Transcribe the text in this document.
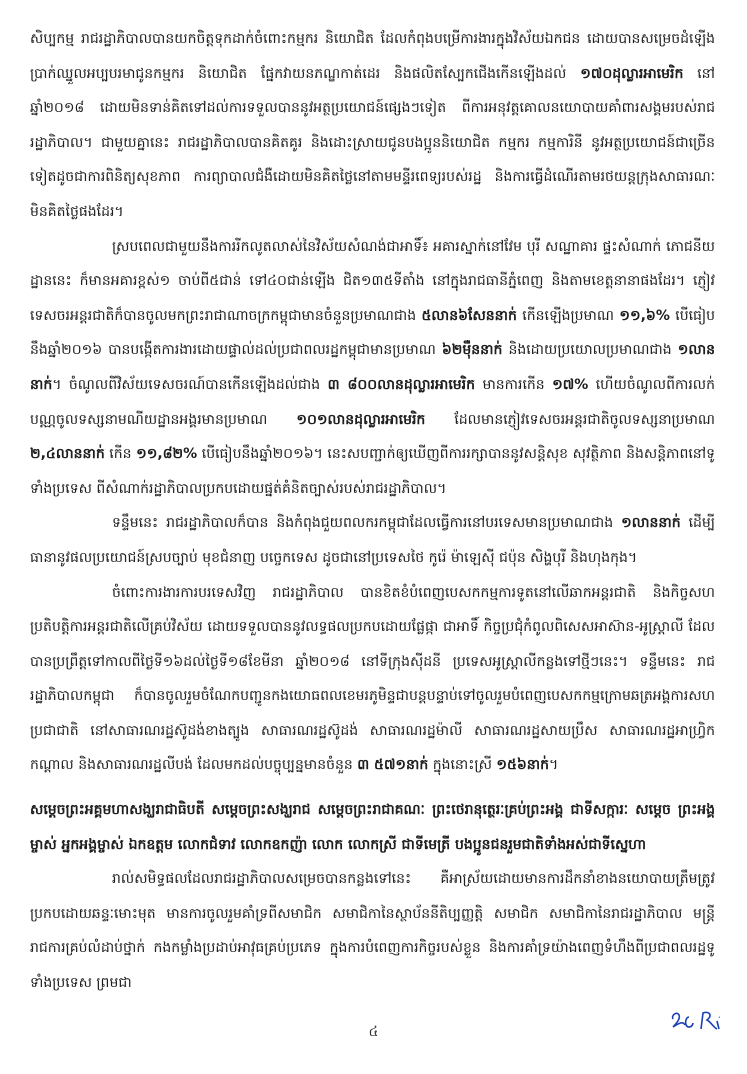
សិប្បកម្ម រាជរដ្ឋាភិបាលបានយកចិត្តទុកដាក់ចំពោះកម្មករ និយោជិត ដែលកំពុងបម្រើការងារក្នុងវិស័យឯកជន ដោយបានសម្រេចដំឡើងប្រាក់ឈ្នួលអប្បបរមាជូនកម្មករ និយោជិត ផ្នែកវាយនភណ្ឌកាត់ដេរ និងផលិតស្បែកជើងកើនឡើងដល់ ១៧០ដុល្លារអាមេរិក នៅឆ្នាំ២០១៨ ដោយមិនទាន់គិតទៅដល់ការទទួលបាននូវអត្ថប្រយោជន៍ផ្សេងៗទៀត ពីការអនុវត្តគោលនយោបាយគាំពារសង្គមរបស់រាជរដ្ឋាភិបាល។ ជាមួយគ្នានេះ រាជរដ្ឋាភិបាលបានគិតគូរ និងដោះស្រាយជូនបងប្អូននិយោជិត កម្មករ កម្មការិនី នូវអត្ថប្រយោជន៍ជាច្រើនទៀតដូចជាការពិនិត្យសុខភាព ការព្យាបាលជំងឺដោយមិនគិតថ្លៃនៅតាមមន្ទីរពេទ្យរបស់រដ្ឋ និងការធ្វើដំណើរតាមរថយន្តក្រុងសាធារណៈមិនគិតថ្លៃផងដែរ។

ស្របពេលជាមួយនឹងការរីកលូតលាស់នៃវិស័យសំណង់ជាអាទិ៍៖ អគារស្នាក់នៅវែម បុរី សណ្ឋាគារ ផ្ទះសំណាក់ ភោជនីយដ្ឋាននេះ ក៏មានអគារខ្ពស់១ ចាប់ពី៥ជាន់ ទៅ៤០ជាន់ឡើង ជិត១៣៥ទីតាំង នៅក្នុងរាជធានីភ្នំពេញ និងតាមខេត្តនានាផងដែរ។ ភ្ញៀវទេសចរអន្តរជាតិក៏បានចូលមកព្រះរាជាណាចក្រកម្ពុជាមានចំនួនប្រមាណជាង ៥លាន៦សែននាក់ កើនឡើងប្រមាណ ១១,៦% បើធៀបនឹងឆ្នាំ២០១៦ បានបង្កើតការងារដោយផ្ទាល់ដល់ប្រជាពលរដ្ឋកម្ពុជាមានប្រមាណ ៦២ម៉ឺននាក់ និងដោយប្រយោលប្រមាណជាង ១លាននាក់។ ចំណូលពីវិស័យទេសចរណ៍បានកើនឡើងដល់ជាង ៣ ៨០០លានដុល្លារអាមេរិក មានការកើន ១៧% ហើយចំណូលពីការលក់បណ្ណចូលទស្សនាមណីយដ្ឋានអង្គរមានប្រមាណ ១០១លានដុល្លារអាមេរិក ដែលមានភ្ញៀវទេសចរអន្តរជាតិចូលទស្សនាប្រមាណ ២,៤លាននាក់ កើន ១១,៨២% បើធៀបនឹងឆ្នាំ២០១៦។ នេះសបញ្ជាក់ឲ្យឃើញពីការរក្សាបាននូវសន្តិសុខ សុវត្ថិភាព និងសន្តិភាពនៅទូទាំងប្រទេស ពីសំណាក់រដ្ឋាភិបាលប្រកបដោយផ្នត់គំនិតច្បាស់របស់រាជរដ្ឋាភិបាល។

ទន្ទឹមនេះ រាជរដ្ឋាភិបាលក៏បាន និងកំពុងជួយពលករកម្ពុជាដែលធ្វើការនៅបរទេសមានប្រមាណជាង ១លាននាក់ ដើម្បីធានានូវផលប្រយោជន៍ស្របច្បាប់ មុខជំនាញ បច្ចេកទេស ដូចជានៅប្រទេសថៃ កូរ៉េ ម៉ាឡេស៊ី ជប៉ុន សិង្ហបុរី និងហុងកុង។

ចំពោះការងារការបរទេសវិញ រាជរដ្ឋាភិបាល បានខិតខំបំពេញបេសកកម្មការទូតនៅលើឆាកអន្តរជាតិ និងកិច្ចសហប្រតិបត្តិការអន្តរជាតិលើគ្រប់វិស័យ ដោយទទួលបាននូវលទ្ធផលប្រកបដោយផ្លែផ្កា ជាអាទិ៍ កិច្ចប្រជុំកំពូលពិសេសអាស៊ាន-អូស្ត្រាលី ដែលបានប្រព្រឹត្តទៅកាលពីថ្ងៃទី១៦ដល់ថ្ងៃទី១៨ខែមីនា ឆ្នាំ២០១៨ នៅទីក្រុងស៊ីដនី ប្រទេសអូស្ត្រាលីកន្លងទៅថ្មីៗនេះ។ ទន្ទឹមនេះ រាជរដ្ឋាភិបាលកម្ពុជា ក៏បានចូលរួមចំណែកបញ្ជូនកងយោធពលខេមរភូមិន្ទជាបន្តបន្ទាប់ទៅចូលរួមបំពេញបេសកកម្មក្រោមឆត្រអង្គការសហប្រជាជាតិ នៅសាធារណរដ្ឋស៊ូដង់ខាងត្បូង សាធារណរដ្ឋស៊ូដង់ សាធារណរដ្ឋម៉ាលី សាធារណរដ្ឋសាយប្រឹស សាធារណរដ្ឋអាហ្វ្រិកកណ្តាល និងសាធារណរដ្ឋលីបង់ ដែលមកដល់បច្ចុប្បន្នមានចំនួន ៣ ៥៧១នាក់ ក្នុងនោះស្រី ១៥៦នាក់។

សម្តេចព្រះអគ្គមហាសង្ឃរាជាធិបតី សម្តេចព្រះសង្ឃរាជ សម្តេចព្រះរាជាគណៈ ព្រះថេរានុត្ថេរៈគ្រប់ព្រះអង្គ ជាទីសក្ការៈ សម្តេច ព្រះអង្គម្ចាស់ អ្នកអង្គម្ចាស់ ឯកឧត្តម លោកជំទាវ លោកឧកញ៉ា លោក លោកស្រី ជាទីមេត្រី បងប្អូនជនរួមជាតិទាំងអស់ជាទីស្នេហា

រាល់សមិទ្ធផលដែលរាជរដ្ឋាភិបាលសម្រេចបានកន្លងទៅនេះ គឺអាស្រ័យដោយមានការដឹកនាំខាងនយោបាយត្រឹមត្រូវ ប្រកបដោយឆន្ទៈមោះមុត មានការចូលរួមគាំទ្រពីសមាជិក សមាជិកានៃស្ថាប័ននីតិប្បញ្ញត្តិ សមាជិក សមាជិកានៃរាជរដ្ឋាភិបាល មន្ត្រីរាជការគ្រប់លំដាប់ថ្នាក់ កងកម្លាំងប្រដាប់អាវុធគ្រប់ប្រភេទ ក្នុងការបំពេញការកិច្ចរបស់ខ្លួន និងការគាំទ្រយ៉ាងពេញទំហឹងពីប្រជាពលរដ្ឋទូទាំងប្រទេស ព្រមជា

៤
